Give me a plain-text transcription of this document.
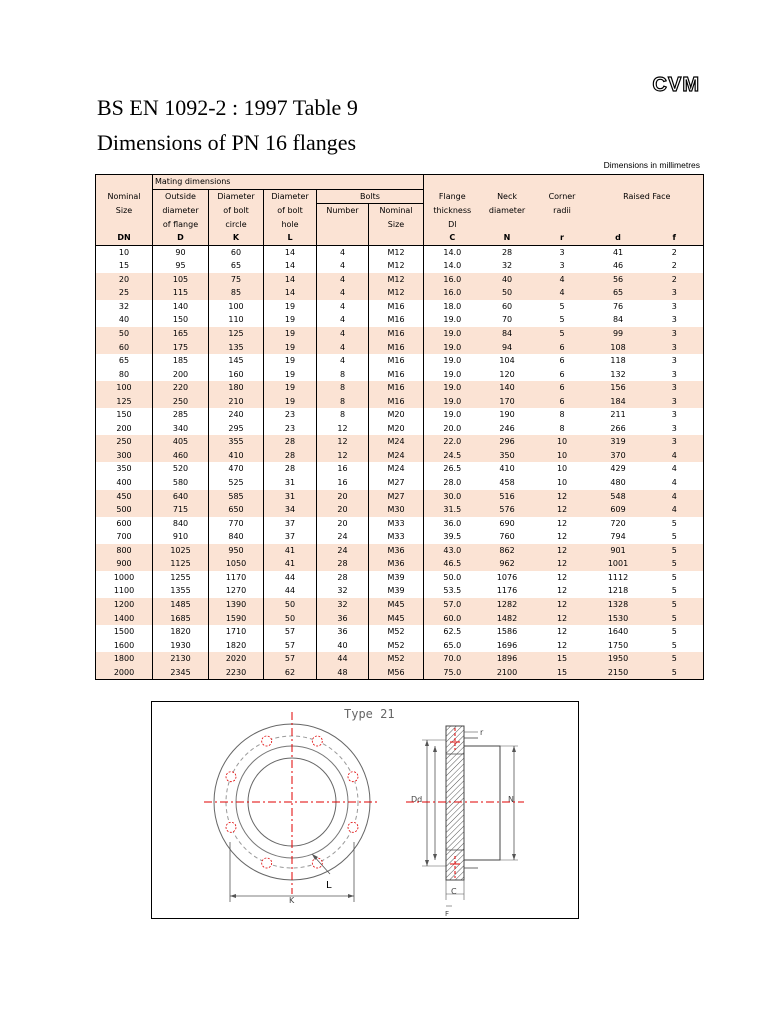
CVM
BS EN 1092-2 : 1997 Table 9
Dimensions of PN 16 flanges
Dimensions in millimetres
	Mating dimensions									
Nominal	Outside	Diameter	Diameter	Bolts		Flange	Neck	Corner	Raised Face	
Size	diameter	of bolt	of bolt	Number	Nominal	thickness	diameter	radii		
	of flange	circle	hole		Size	Dl				
DN	D	K	L			C	N	r	d	f
10	90	60	14	4	M12	14.0	28	3	41	2
15	95	65	14	4	M12	14.0	32	3	46	2
20	105	75	14	4	M12	16.0	40	4	56	2
25	115	85	14	4	M12	16.0	50	4	65	3
32	140	100	19	4	M16	18.0	60	5	76	3
40	150	110	19	4	M16	19.0	70	5	84	3
50	165	125	19	4	M16	19.0	84	5	99	3
60	175	135	19	4	M16	19.0	94	6	108	3
65	185	145	19	4	M16	19.0	104	6	118	3
80	200	160	19	8	M16	19.0	120	6	132	3
100	220	180	19	8	M16	19.0	140	6	156	3
125	250	210	19	8	M16	19.0	170	6	184	3
150	285	240	23	8	M20	19.0	190	8	211	3
200	340	295	23	12	M20	20.0	246	8	266	3
250	405	355	28	12	M24	22.0	296	10	319	3
300	460	410	28	12	M24	24.5	350	10	370	4
350	520	470	28	16	M24	26.5	410	10	429	4
400	580	525	31	16	M27	28.0	458	10	480	4
450	640	585	31	20	M27	30.0	516	12	548	4
500	715	650	34	20	M30	31.5	576	12	609	4
600	840	770	37	20	M33	36.0	690	12	720	5
700	910	840	37	24	M33	39.5	760	12	794	5
800	1025	950	41	24	M36	43.0	862	12	901	5
900	1125	1050	41	28	M36	46.5	962	12	1001	5
1000	1255	1170	44	28	M39	50.0	1076	12	1112	5
1100	1355	1270	44	32	M39	53.5	1176	12	1218	5
1200	1485	1390	50	32	M45	57.0	1282	12	1328	5
1400	1685	1590	50	36	M45	60.0	1482	12	1530	5
1500	1820	1710	57	36	M52	62.5	1586	12	1640	5
1600	1930	1820	57	40	M52	65.0	1696	12	1750	5
1800	2130	2020	57	44	M52	70.0	1896	15	1950	5
2000	2345	2230	62	48	M56	75.0	2100	15	2150	5
Type 21
K
L
Dd	N
r
C
F
